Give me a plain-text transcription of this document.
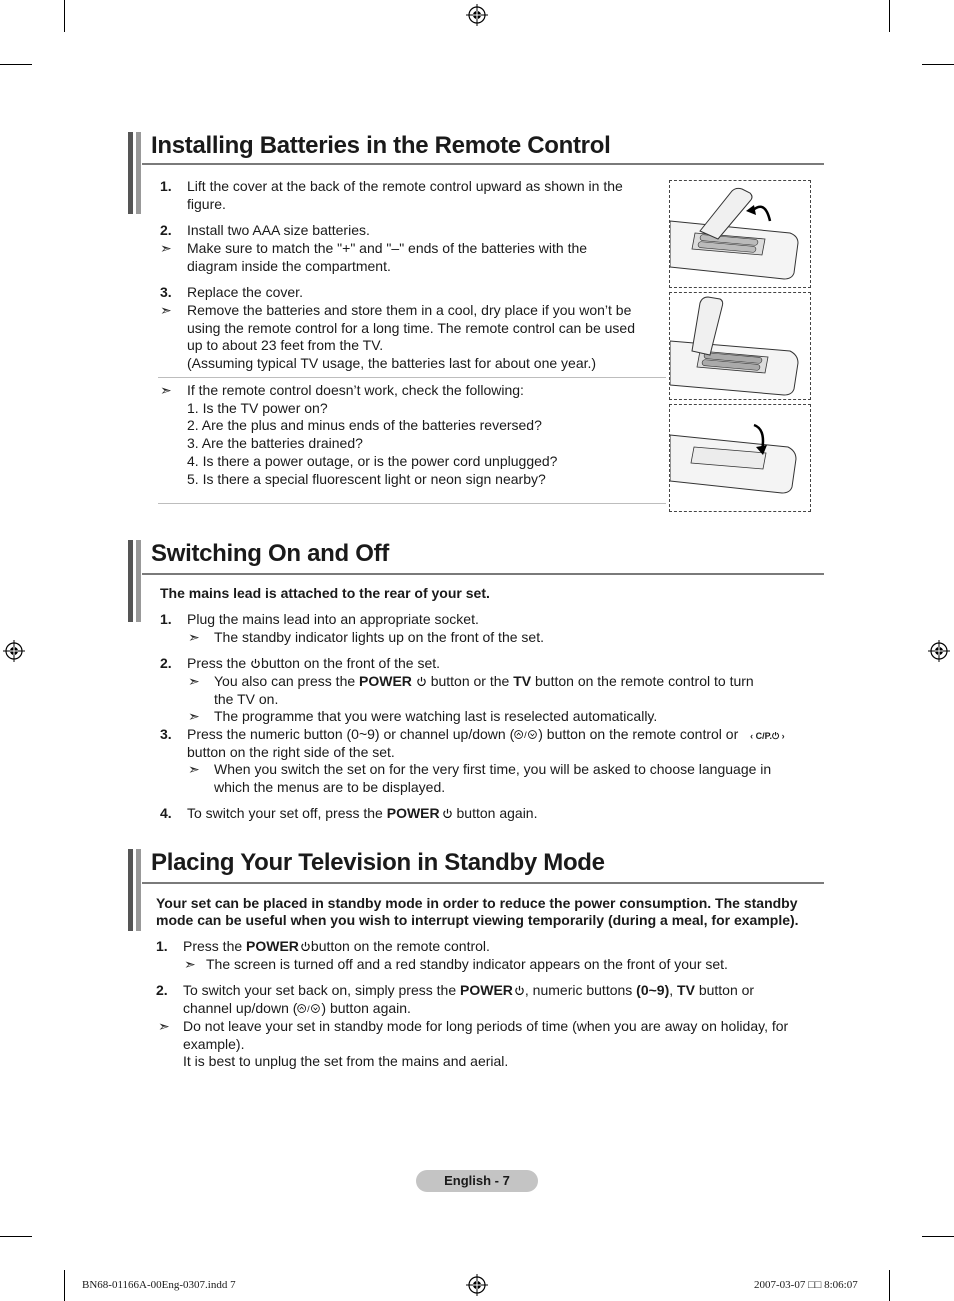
Installing Batteries in the Remote Control
1. Lift the cover at the back of the remote control upward as shown in the
figure.
2. Install two AAA size batteries.
➣ Make sure to match the "+" and "–" ends of the batteries with the
diagram inside the compartment.
3. Replace the cover.
➣ Remove the batteries and store them in a cool, dry place if you won’t be
using the remote control for a long time. The remote control can be used
up to about 23 feet from the TV.
(Assuming typical TV usage, the batteries last for about one year.)
➣ If the remote control doesn’t work, check the following:
1. Is the TV power on?
2. Are the plus and minus ends of the batteries reversed?
3. Are the batteries drained?
4. Is there a power outage, or is the power cord unplugged?
5. Is there a special fluorescent light or neon sign nearby?
Switching On and Off
The mains lead is attached to the rear of your set.
1. Plug the mains lead into an appropriate socket.
➣ The standby indicator lights up on the front of the set.
2. Press the button on the front of the set.
➣ You also can press the POWER button or the TV button on the remote control to turn
the TV on.
➣ The programme that you were watching last is reselected automatically.
3. Press the numeric button (0~9) or channel up/down ( / ) button on the remote control or ‹ C/P.⏻ ›
button on the right side of the set.
➣ When you switch the set on for the very first time, you will be asked to choose language in
which the menus are to be displayed.
4. To switch your set off, press the POWER button again.
Placing Your Television in Standby Mode
Your set can be placed in standby mode in order to reduce the power consumption. The standby
mode can be useful when you wish to interrupt viewing temporarily (during a meal, for example).
1. Press the POWER button on the remote control.
➣ The screen is turned off and a red standby indicator appears on the front of your set.
2. To switch your set back on, simply press the POWER , numeric buttons (0~9), TV button or
channel up/down ( / ) button again.
➣ Do not leave your set in standby mode for long periods of time (when you are away on holiday, for
example).
It is best to unplug the set from the mains and aerial.
English - 7
BN68-01166A-00Eng-0307.indd 7	2007-03-07 □□ 8:06:07
